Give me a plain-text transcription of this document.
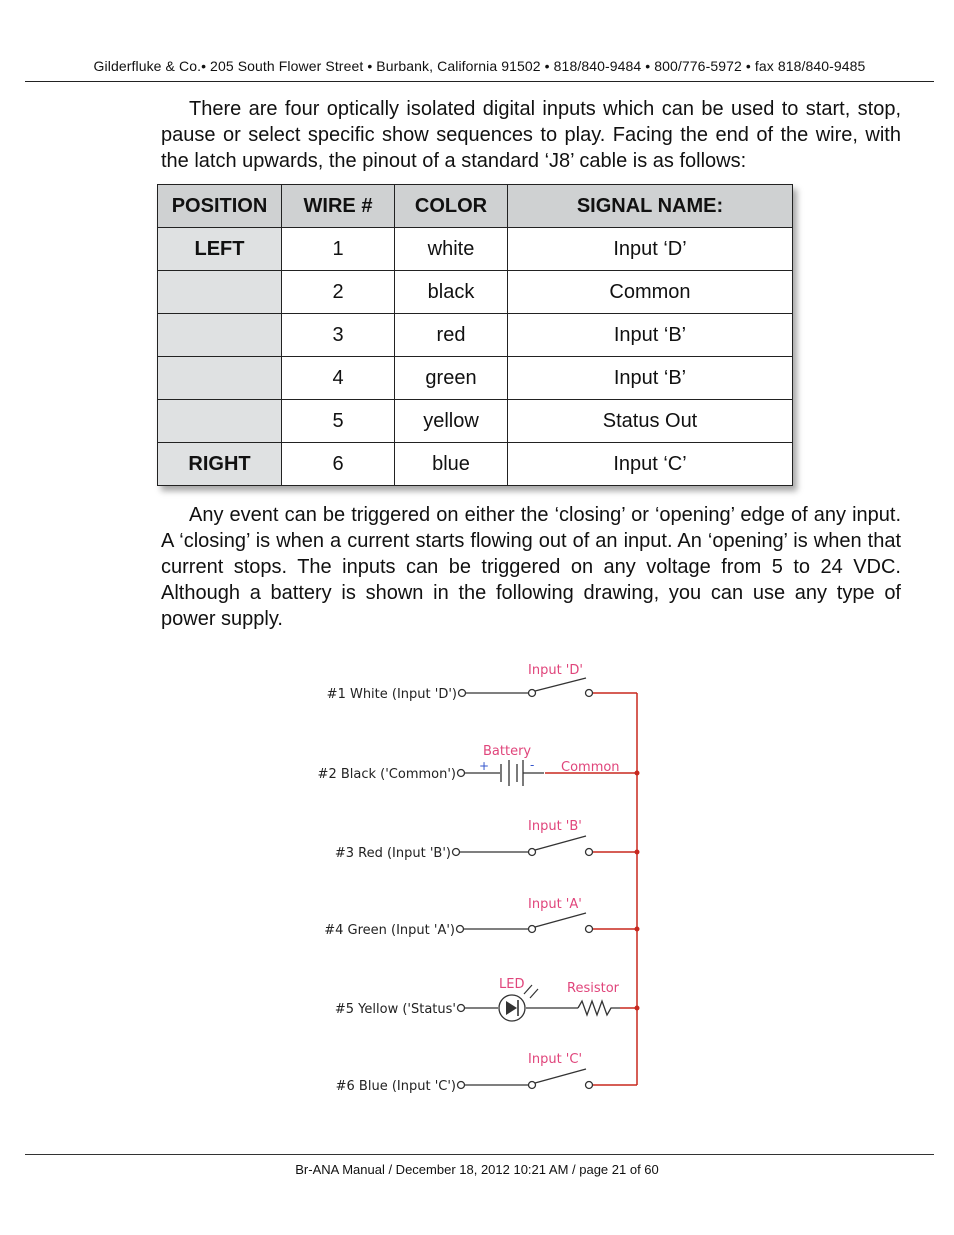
Gilderfluke & Co.• 205 South Flower Street • Burbank, California 91502 • 818/840-9484 • 800/776-5972 • fax 818/840-9485

There are four optically isolated digital inputs which can be used to start, stop, pause or select specific show sequences to play. Facing the end of the wire, with the latch upwards, the pinout of a standard ‘J8’ cable is as follows:

POSITION	WIRE #	COLOR	SIGNAL NAME:
LEFT	1	white	Input ‘D’
	2	black	Common
	3	red	Input ‘B’
	4	green	Input ‘B’
	5	yellow	Status Out
RIGHT	6	blue	Input ‘C’

Any event can be triggered on either the ‘closing’ or ‘opening’ edge of any input. A ‘closing’ is when a current starts flowing out of an input. An ‘opening’ is when that current stops. The inputs can be triggered on any voltage from 5 to 24 VDC. Although a battery is shown in the following drawing, you can use any type of power supply.

#1 White (Input 'D')
#2 Black ('Common')
#3 Red (Input 'B')
#4 Green (Input 'A')
#5 Yellow ('Status'
#6 Blue (Input 'C')
Input 'D'
Battery
Common
Input 'B'
Input 'A'
LED	Resistor
Input 'C'
+	-
Br-ANA Manual / December 18, 2012 10:21 AM / page 21 of 60
